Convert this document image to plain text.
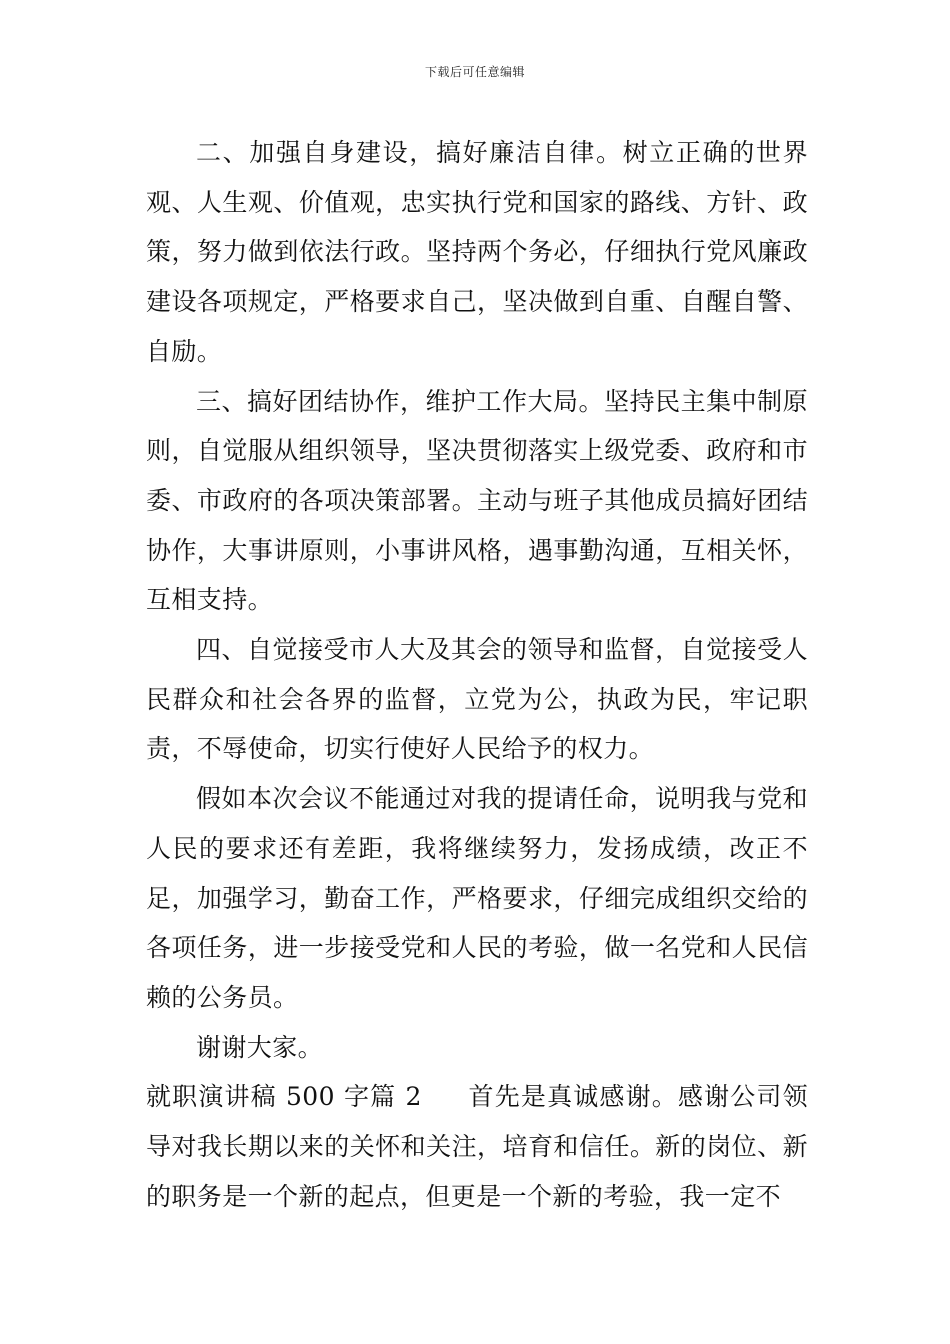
下载后可任意编辑

二、加强自身建设，搞好廉洁自律。树立正确的世界观、人生观、价值观，忠实执行党和国家的路线、方针、政策，努力做到依法行政。坚持两个务必，仔细执行党风廉政建设各项规定，严格要求自己，坚决做到自重、自醒自警、自励。

三、搞好团结协作，维护工作大局。坚持民主集中制原则，自觉服从组织领导，坚决贯彻落实上级党委、政府和市委、市政府的各项决策部署。主动与班子其他成员搞好团结协作，大事讲原则，小事讲风格，遇事勤沟通，互相关怀，互相支持。

四、自觉接受市人大及其会的领导和监督，自觉接受人民群众和社会各界的监督，立党为公，执政为民，牢记职责，不辱使命，切实行使好人民给予的权力。

假如本次会议不能通过对我的提请任命，说明我与党和人民的要求还有差距，我将继续努力，发扬成绩，改正不足，加强学习，勤奋工作，严格要求，仔细完成组织交给的各项任务，进一步接受党和人民的考验，做一名党和人民信赖的公务员。

谢谢大家。

就职演讲稿 500 字篇 2 首先是真诚感谢。感谢公司领导对我长期以来的关怀和关注，培育和信任。新的岗位、新的职务是一个新的起点，但更是一个新的考验，我一定不
